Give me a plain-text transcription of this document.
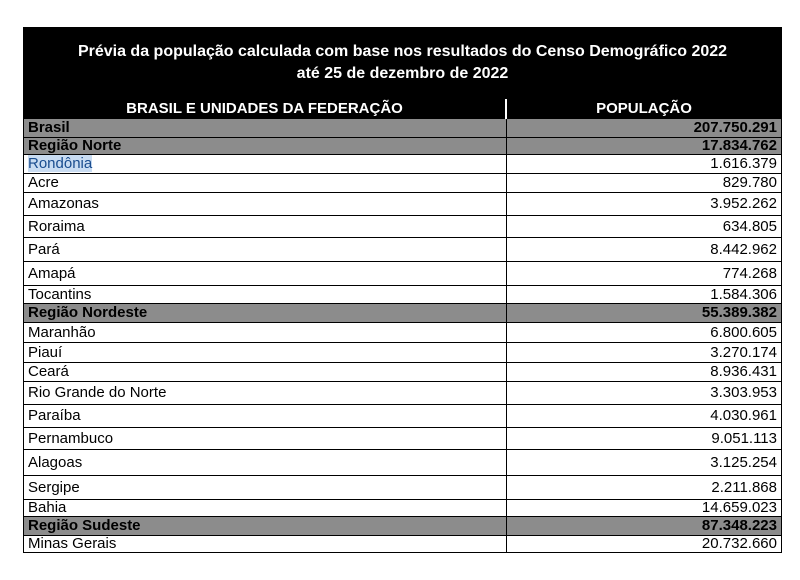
Prévia da população calculada com base nos resultados do Censo Demográfico 2022
até 25 de dezembro de 2022
BRASIL E UNIDADES DA FEDERAÇÃO	POPULAÇÃO
Brasil	207.750.291
Região Norte	17.834.762
Rondônia	1.616.379
Acre	829.780
Amazonas	3.952.262
Roraima	634.805
Pará	8.442.962
Amapá	774.268
Tocantins	1.584.306
Região Nordeste	55.389.382
Maranhão	6.800.605
Piauí	3.270.174
Ceará	8.936.431
Rio Grande do Norte	3.303.953
Paraíba	4.030.961
Pernambuco	9.051.113
Alagoas	3.125.254
Sergipe	2.211.868
Bahia	14.659.023
Região Sudeste	87.348.223
Minas Gerais	20.732.660
